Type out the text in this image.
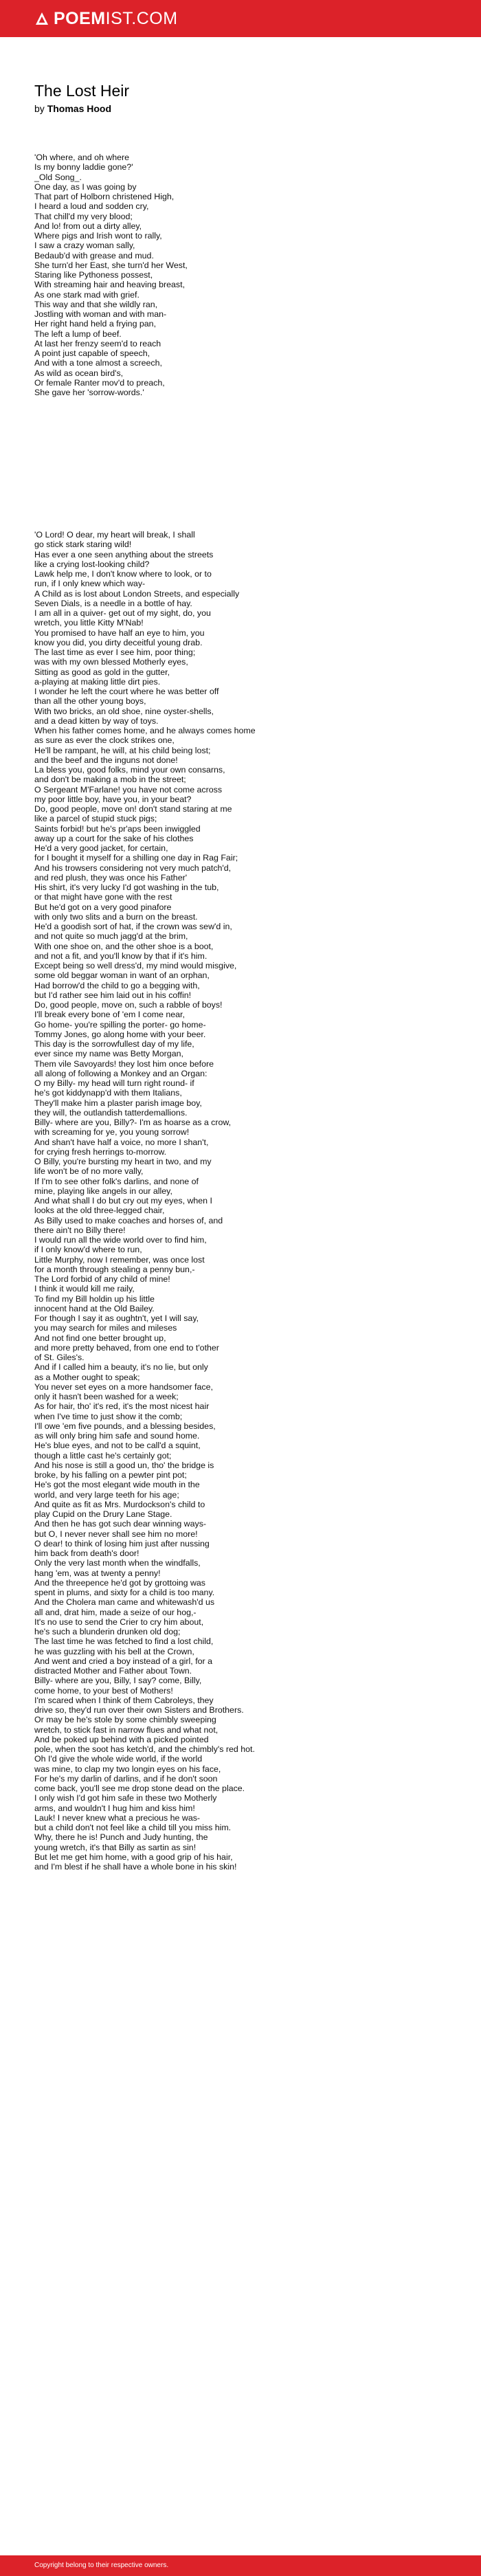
POEMIST.COM
The Lost Heir
by Thomas Hood
'Oh where, and oh where
Is my bonny laddie gone?'
_Old Song_.
One day, as I was going by
That part of Holborn christened High,
I heard a loud and sodden cry,
That chill'd my very blood;
And lo! from out a dirty alley,
Where pigs and Irish wont to rally,
I saw a crazy woman sally,
Bedaub'd with grease and mud.
She turn'd her East, she turn'd her West,
Staring like Pythoness possest,
With streaming hair and heaving breast,
As one stark mad with grief.
This way and that she wildly ran,
Jostling with woman and with man-
Her right hand held a frying pan,
The left a lump of beef.
At last her frenzy seem'd to reach
A point just capable of speech,
And with a tone almost a screech,
As wild as ocean bird's,
Or female Ranter mov'd to preach,
She gave her 'sorrow-words.'
'O Lord! O dear, my heart will break, I shall
go stick stark staring wild!
Has ever a one seen anything about the streets
like a crying lost-looking child?
Lawk help me, I don't know where to look, or to
run, if I only knew which way-
A Child as is lost about London Streets, and especially
Seven Dials, is a needle in a bottle of hay.
I am all in a quiver- get out of my sight, do, you
wretch, you little Kitty M'Nab!
You promised to have half an eye to him, you
know you did, you dirty deceitful young drab.
The last time as ever I see him, poor thing;
was with my own blessed Motherly eyes,
Sitting as good as gold in the gutter,
a-playing at making little dirt pies.
I wonder he left the court where he was better off
than all the other young boys,
With two bricks, an old shoe, nine oyster-shells,
and a dead kitten by way of toys.
When his father comes home, and he always comes home
as sure as ever the clock strikes one,
He'll be rampant, he will, at his child being lost;
and the beef and the inguns not done!
La bless you, good folks, mind your own consarns,
and don't be making a mob in the street;
O Sergeant M'Farlane! you have not come across
my poor little boy, have you, in your beat?
Do, good people, move on! don't stand staring at me
like a parcel of stupid stuck pigs;
Saints forbid! but he's pr'aps been inwiggled
away up a court for the sake of his clothes
He'd a very good jacket, for certain,
for I bought it myself for a shilling one day in Rag Fair;
And his trowsers considering not very much patch'd,
and red plush, they was once his Father'
His shirt, it's very lucky I'd got washing in the tub,
or that might have gone with the rest
But he'd got on a very good pinafore
with only two slits and a burn on the breast.
He'd a goodish sort of hat, if the crown was sew'd in,
and not quite so much jagg'd at the brim,
With one shoe on, and the other shoe is a boot,
and not a fit, and you'll know by that if it's him.
Except being so well dress'd, my mind would misgive,
some old beggar woman in want of an orphan,
Had borrow'd the child to go a begging with,
but I'd rather see him laid out in his coffin!
Do, good people, move on, such a rabble of boys!
I'll break every bone of 'em I come near,
Go home- you're spilling the porter- go home-
Tommy Jones, go along home with your beer.
This day is the sorrowfullest day of my life,
ever since my name was Betty Morgan,
Them vile Savoyards! they lost him once before
all along of following a Monkey and an Organ:
O my Billy- my head will turn right round- if
he's got kiddynapp'd with them Italians,
They'll make him a plaster parish image boy,
they will, the outlandish tatterdemallions.
Billy- where are you, Billy?- I'm as hoarse as a crow,
with screaming for ye, you young sorrow!
And shan't have half a voice, no more I shan't,
for crying fresh herrings to-morrow.
O Billy, you're bursting my heart in two, and my
life won't be of no more vally,
If I'm to see other folk's darlins, and none of
mine, playing like angels in our alley,
And what shall I do but cry out my eyes, when I
looks at the old three-legged chair,
As Billy used to make coaches and horses of, and
there ain't no Billy there!
I would run all the wide world over to find him,
if I only know'd where to run,
Little Murphy, now I remember, was once lost
for a month through stealing a penny bun,-
The Lord forbid of any child of mine!
I think it would kill me raily,
To find my Bill holdin up his little
innocent hand at the Old Bailey.
For though I say it as oughtn't, yet I will say,
you may search for miles and mileses
And not find one better brought up,
and more pretty behaved, from one end to t'other
of St. Giles's.
And if I called him a beauty, it's no lie, but only
as a Mother ought to speak;
You never set eyes on a more handsomer face,
only it hasn't been washed for a week;
As for hair, tho' it's red, it's the most nicest hair
when I've time to just show it the comb;
I'll owe 'em five pounds, and a blessing besides,
as will only bring him safe and sound home.
He's blue eyes, and not to be call'd a squint,
though a little cast he's certainly got;
And his nose is still a good un, tho' the bridge is
broke, by his falling on a pewter pint pot;
He's got the most elegant wide mouth in the
world, and very large teeth for his age;
And quite as fit as Mrs. Murdockson's child to
play Cupid on the Drury Lane Stage.
And then he has got such dear winning ways-
but O, I never never shall see him no more!
O dear! to think of losing him just after nussing
him back from death's door!
Only the very last month when the windfalls,
hang 'em, was at twenty a penny!
And the threepence he'd got by grottoing was
spent in plums, and sixty for a child is too many.
And the Cholera man came and whitewash'd us
all and, drat him, made a seize of our hog,-
It's no use to send the Crier to cry him about,
he's such a blunderin drunken old dog;
The last time he was fetched to find a lost child,
he was guzzling with his bell at the Crown,
And went and cried a boy instead of a girl, for a
distracted Mother and Father about Town.
Billy- where are you, Billy, I say? come, Billy,
come home, to your best of Mothers!
I'm scared when I think of them Cabroleys, they
drive so, they'd run over their own Sisters and Brothers.
Or may be he's stole by some chimbly sweeping
wretch, to stick fast in narrow flues and what not,
And be poked up behind with a picked pointed
pole, when the soot has ketch'd, and the chimbly's red hot.
Oh I'd give the whole wide world, if the world
was mine, to clap my two longin eyes on his face,
For he's my darlin of darlins, and if he don't soon
come back, you'll see me drop stone dead on the place.
I only wish I'd got him safe in these two Motherly
arms, and wouldn't I hug him and kiss him!
Lauk! I never knew what a precious he was-
but a child don't not feel like a child till you miss him.
Why, there he is! Punch and Judy hunting, the
young wretch, it's that Billy as sartin as sin!
But let me get him home, with a good grip of his hair,
and I'm blest if he shall have a whole bone in his skin!
Copyright belong to their respective owners.
